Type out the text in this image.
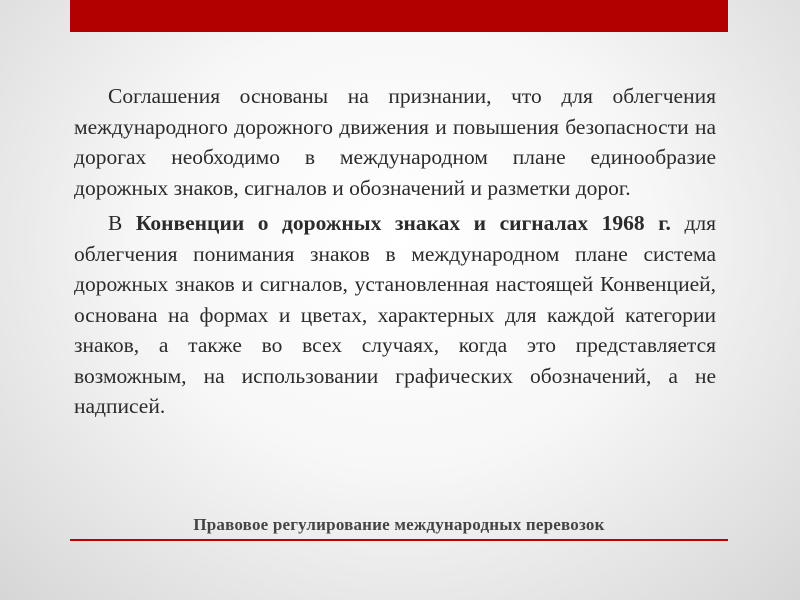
Соглашения основаны на признании, что для облегчения международного дорожного движения и повышения безопасности на дорогах необходимо в международном плане единообразие дорожных знаков, сигналов и обозначений и разметки дорог.

В Конвенции о дорожных знаках и сигналах 1968 г. для облегчения понимания знаков в международном плане система дорожных знаков и сигналов, установленная настоящей Конвенцией, основана на формах и цветах, характерных для каждой категории знаков, а также во всех случаях, когда это представляется возможным, на использовании графических обозначений, а не надписей.

Правовое регулирование международных перевозок
